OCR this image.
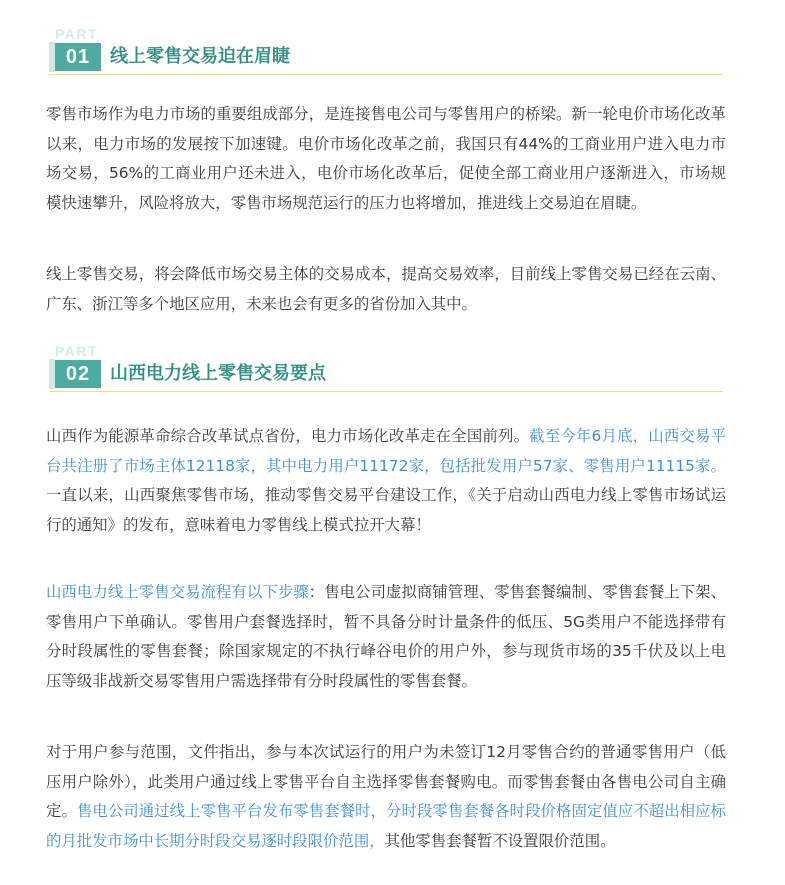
PART
01	线上零售交易迫在眉睫
零售市场作为电力市场的重要组成部分，是连接售电公司与零售用户的桥梁。新一轮电价市场化改革以来，电力市场的发展按下加速键。电价市场化改革之前，我国只有44%的工商业用户进入电力市场交易，56%的工商业用户还未进入，电价市场化改革后，促使全部工商业用户逐渐进入，市场规模快速攀升，风险将放大，零售市场规范运行的压力也将增加，推进线上交易迫在眉睫。
线上零售交易，将会降低市场交易主体的交易成本，提高交易效率，目前线上零售交易已经在云南、广东、浙江等多个地区应用，未来也会有更多的省份加入其中。
PART
02	山西电力线上零售交易要点
山西作为能源革命综合改革试点省份，电力市场化改革走在全国前列。截至今年6月底，山西交易平台共注册了市场主体12118家，其中电力用户11172家，包括批发用户57家、零售用户11115家。一直以来，山西聚焦零售市场，推动零售交易平台建设工作，《关于启动山西电力线上零售市场试运行的通知》的发布，意味着电力零售线上模式拉开大幕！
山西电力线上零售交易流程有以下步骤：售电公司虚拟商铺管理、零售套餐编制、零售套餐上下架、零售用户下单确认。零售用户套餐选择时，暂不具备分时计量条件的低压、5G类用户不能选择带有分时段属性的零售套餐；除国家规定的不执行峰谷电价的用户外，参与现货市场的35千伏及以上电压等级非战新交易零售用户需选择带有分时段属性的零售套餐。
对于用户参与范围，文件指出，参与本次试运行的用户为未签订12月零售合约的普通零售用户（低压用户除外），此类用户通过线上零售平台自主选择零售套餐购电。而零售套餐由各售电公司自主确定。售电公司通过线上零售平台发布零售套餐时，分时段零售套餐各时段价格固定值应不超出相应标的月批发市场中长期分时段交易逐时段限价范围，其他零售套餐暂不设置限价范围。
